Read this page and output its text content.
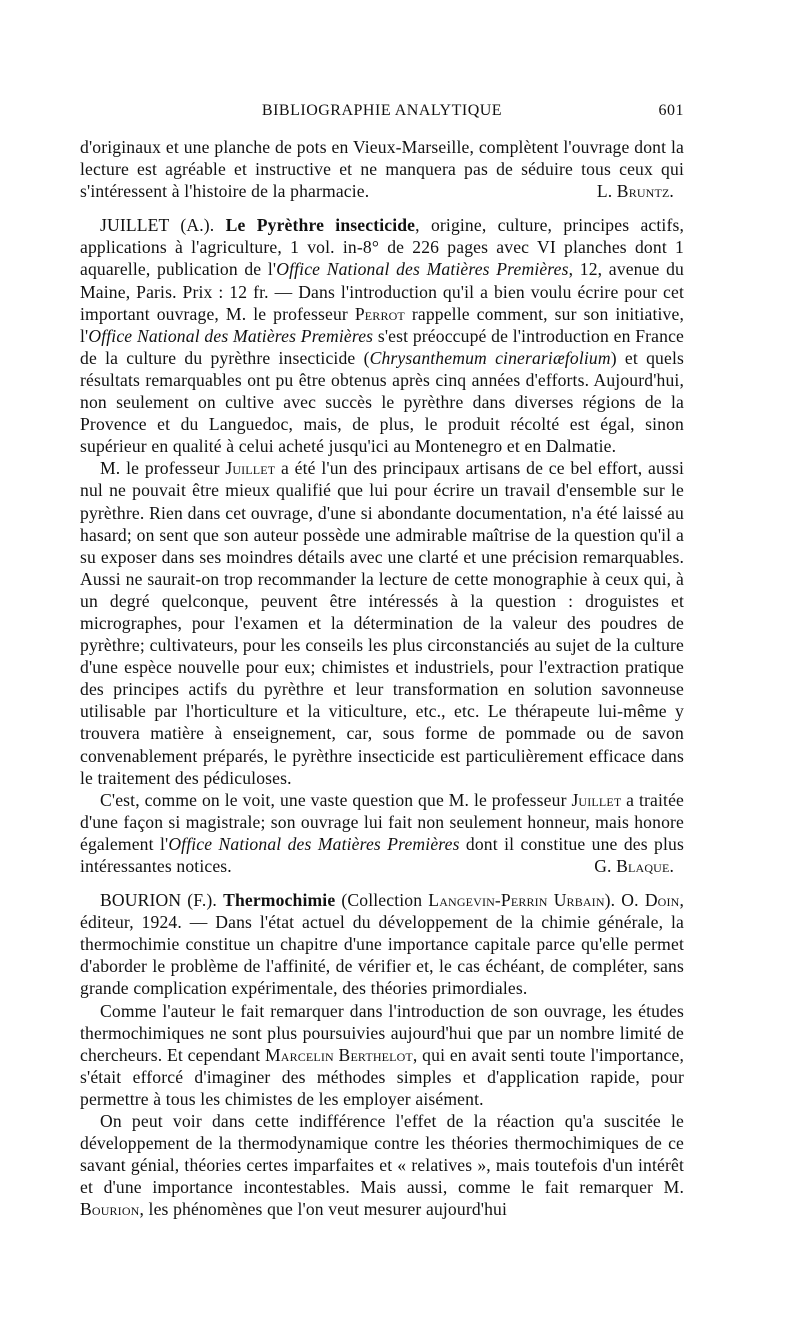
BIBLIOGRAPHIE ANALYTIQUE	601

d'originaux et une planche de pots en Vieux-Marseille, complètent l'ouvrage dont la lecture est agréable et instructive et ne manquera pas de séduire tous ceux qui s'intéressent à l'histoire de la pharmacie.	L. Bruntz.

JUILLET (A.). Le Pyrèthre insecticide, origine, culture, principes actifs, applications à l'agriculture, 1 vol. in-8° de 226 pages avec VI planches dont 1 aquarelle, publication de l'Office National des Matières Premières, 12, avenue du Maine, Paris. Prix : 12 fr. — Dans l'introduction qu'il a bien voulu écrire pour cet important ouvrage, M. le professeur Perrot rappelle comment, sur son initiative, l'Office National des Matières Premières s'est préoccupé de l'introduction en France de la culture du pyrèthre insecticide (Chrysanthemum cinerariæfolium) et quels résultats remarquables ont pu être obtenus après cinq années d'efforts. Aujourd'hui, non seulement on cultive avec succès le pyrèthre dans diverses régions de la Provence et du Languedoc, mais, de plus, le produit récolté est égal, sinon supérieur en qualité à celui acheté jusqu'ici au Montenegro et en Dalmatie.

M. le professeur Juillet a été l'un des principaux artisans de ce bel effort, aussi nul ne pouvait être mieux qualifié que lui pour écrire un travail d'ensemble sur le pyrèthre. Rien dans cet ouvrage, d'une si abondante documentation, n'a été laissé au hasard; on sent que son auteur possède une admirable maîtrise de la question qu'il a su exposer dans ses moindres détails avec une clarté et une précision remarquables. Aussi ne saurait-on trop recommander la lecture de cette monographie à ceux qui, à un degré quelconque, peuvent être intéressés à la question : droguistes et micrographes, pour l'examen et la détermination de la valeur des poudres de pyrèthre; cultivateurs, pour les conseils les plus circonstanciés au sujet de la culture d'une espèce nouvelle pour eux; chimistes et industriels, pour l'extraction pratique des principes actifs du pyrèthre et leur transformation en solution savonneuse utilisable par l'horticulture et la viticulture, etc., etc. Le thérapeute lui-même y trouvera matière à enseignement, car, sous forme de pommade ou de savon convenablement préparés, le pyrèthre insecticide est particulièrement efficace dans le traitement des pédiculoses.

C'est, comme on le voit, une vaste question que M. le professeur Juillet a traitée d'une façon si magistrale; son ouvrage lui fait non seulement honneur, mais honore également l'Office National des Matières Premières dont il constitue une des plus intéressantes notices.	G. Blaque.

BOURION (F.). Thermochimie (Collection Langevin-Perrin Urbain). O. Doin, éditeur, 1924. — Dans l'état actuel du développement de la chimie générale, la thermochimie constitue un chapitre d'une importance capitale parce qu'elle permet d'aborder le problème de l'affinité, de vérifier et, le cas échéant, de compléter, sans grande complication expérimentale, des théories primordiales.

Comme l'auteur le fait remarquer dans l'introduction de son ouvrage, les études thermochimiques ne sont plus poursuivies aujourd'hui que par un nombre limité de chercheurs. Et cependant Marcelin Berthelot, qui en avait senti toute l'importance, s'était efforcé d'imaginer des méthodes simples et d'application rapide, pour permettre à tous les chimistes de les employer aisément.

On peut voir dans cette indifférence l'effet de la réaction qu'a suscitée le développement de la thermodynamique contre les théories thermochimiques de ce savant génial, théories certes imparfaites et « relatives », mais toutefois d'un intérêt et d'une importance incontestables. Mais aussi, comme le fait remarquer M. Bourion, les phénomènes que l'on veut mesurer aujourd'hui
